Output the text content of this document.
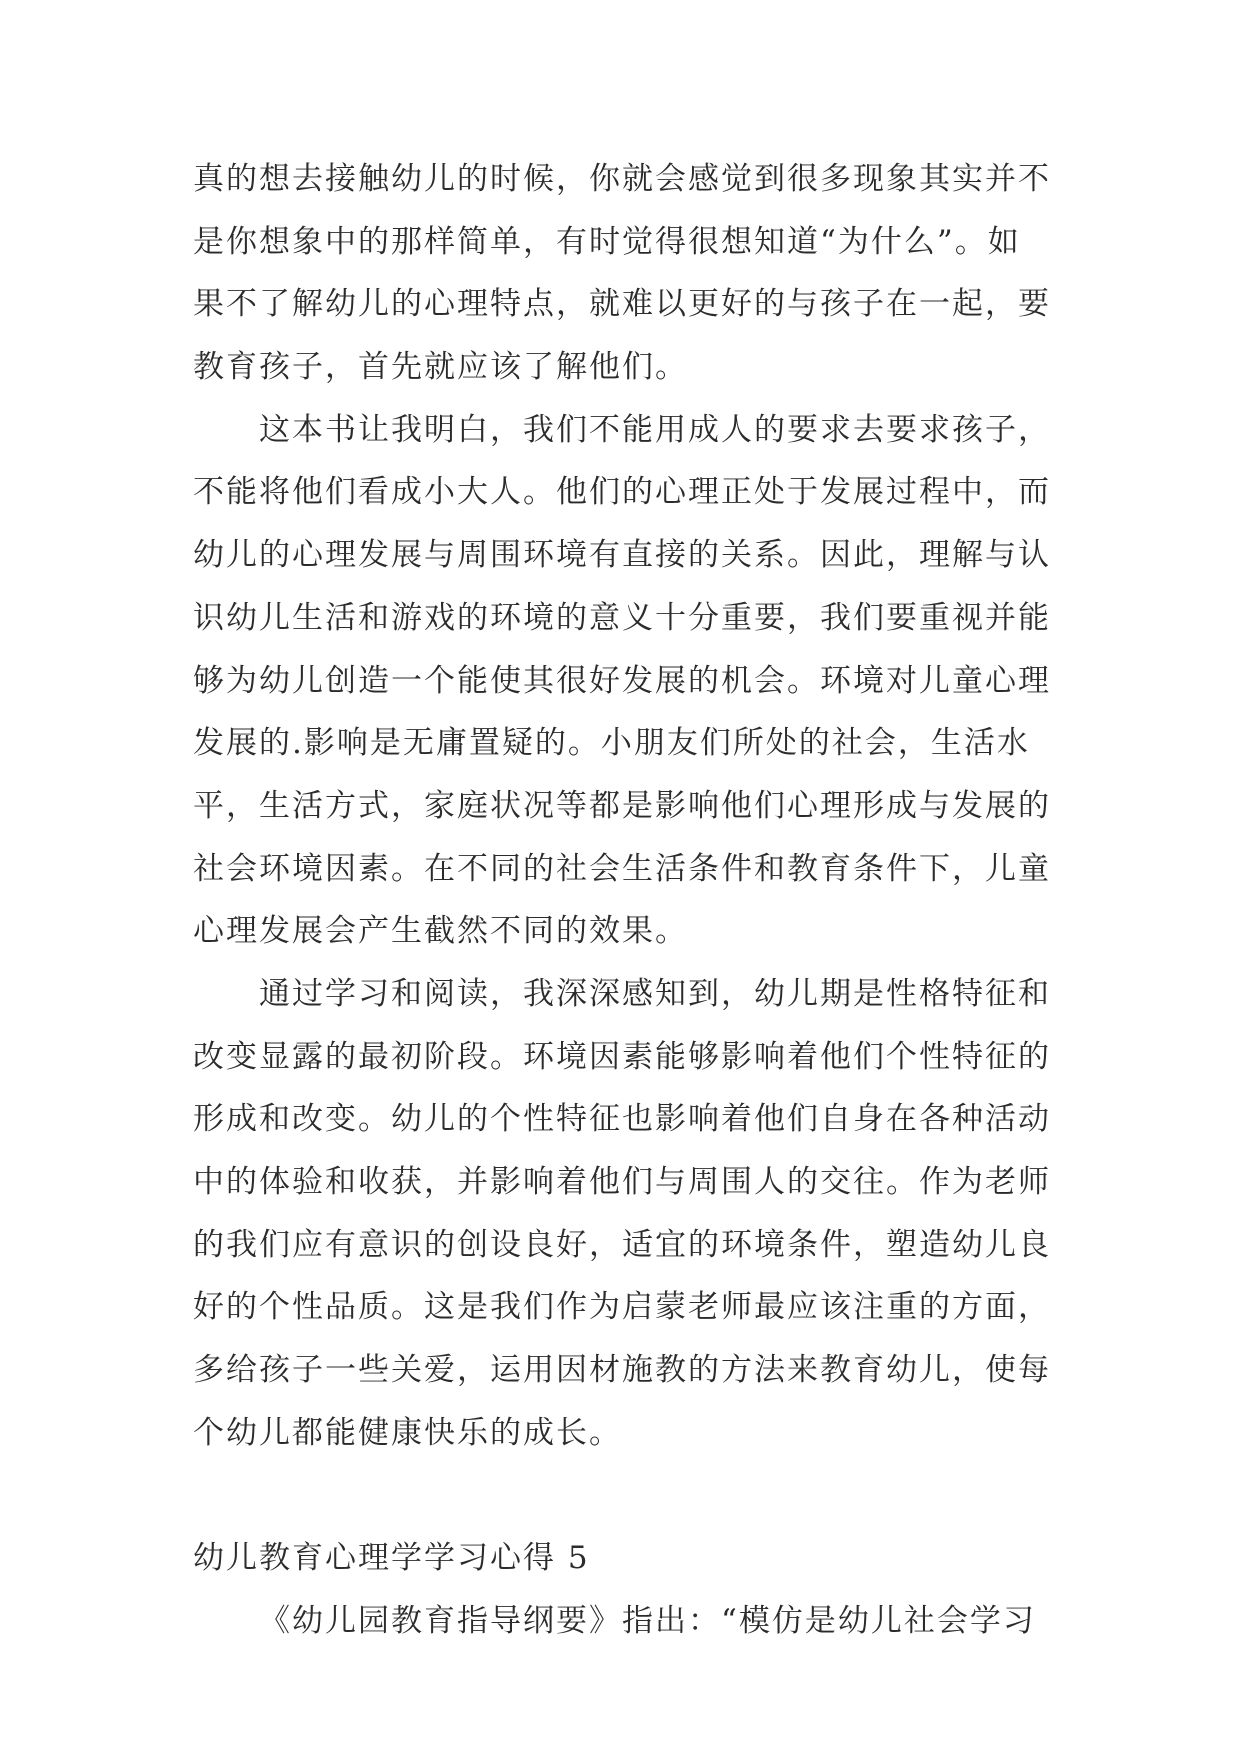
真的想去接触幼儿的时候，你就会感觉到很多现象其实并不
是你想象中的那样简单，有时觉得很想知道“为什么”。如
果不了解幼儿的心理特点，就难以更好的与孩子在一起，要
教育孩子，首先就应该了解他们。
这本书让我明白，我们不能用成人的要求去要求孩子，
不能将他们看成小大人。他们的心理正处于发展过程中，而
幼儿的心理发展与周围环境有直接的关系。因此，理解与认
识幼儿生活和游戏的环境的意义十分重要，我们要重视并能
够为幼儿创造一个能使其很好发展的机会。环境对儿童心理
发展的.影响是无庸置疑的。小朋友们所处的社会，生活水
平，生活方式，家庭状况等都是影响他们心理形成与发展的
社会环境因素。在不同的社会生活条件和教育条件下，儿童
心理发展会产生截然不同的效果。
通过学习和阅读，我深深感知到，幼儿期是性格特征和
改变显露的最初阶段。环境因素能够影响着他们个性特征的
形成和改变。幼儿的个性特征也影响着他们自身在各种活动
中的体验和收获，并影响着他们与周围人的交往。作为老师
的我们应有意识的创设良好，适宜的环境条件，塑造幼儿良
好的个性品质。这是我们作为启蒙老师最应该注重的方面，
多给孩子一些关爱，运用因材施教的方法来教育幼儿，使每
个幼儿都能健康快乐的成长。
幼儿教育心理学学习心得 5
《幼儿园教育指导纲要》指出：“模仿是幼儿社会学习
